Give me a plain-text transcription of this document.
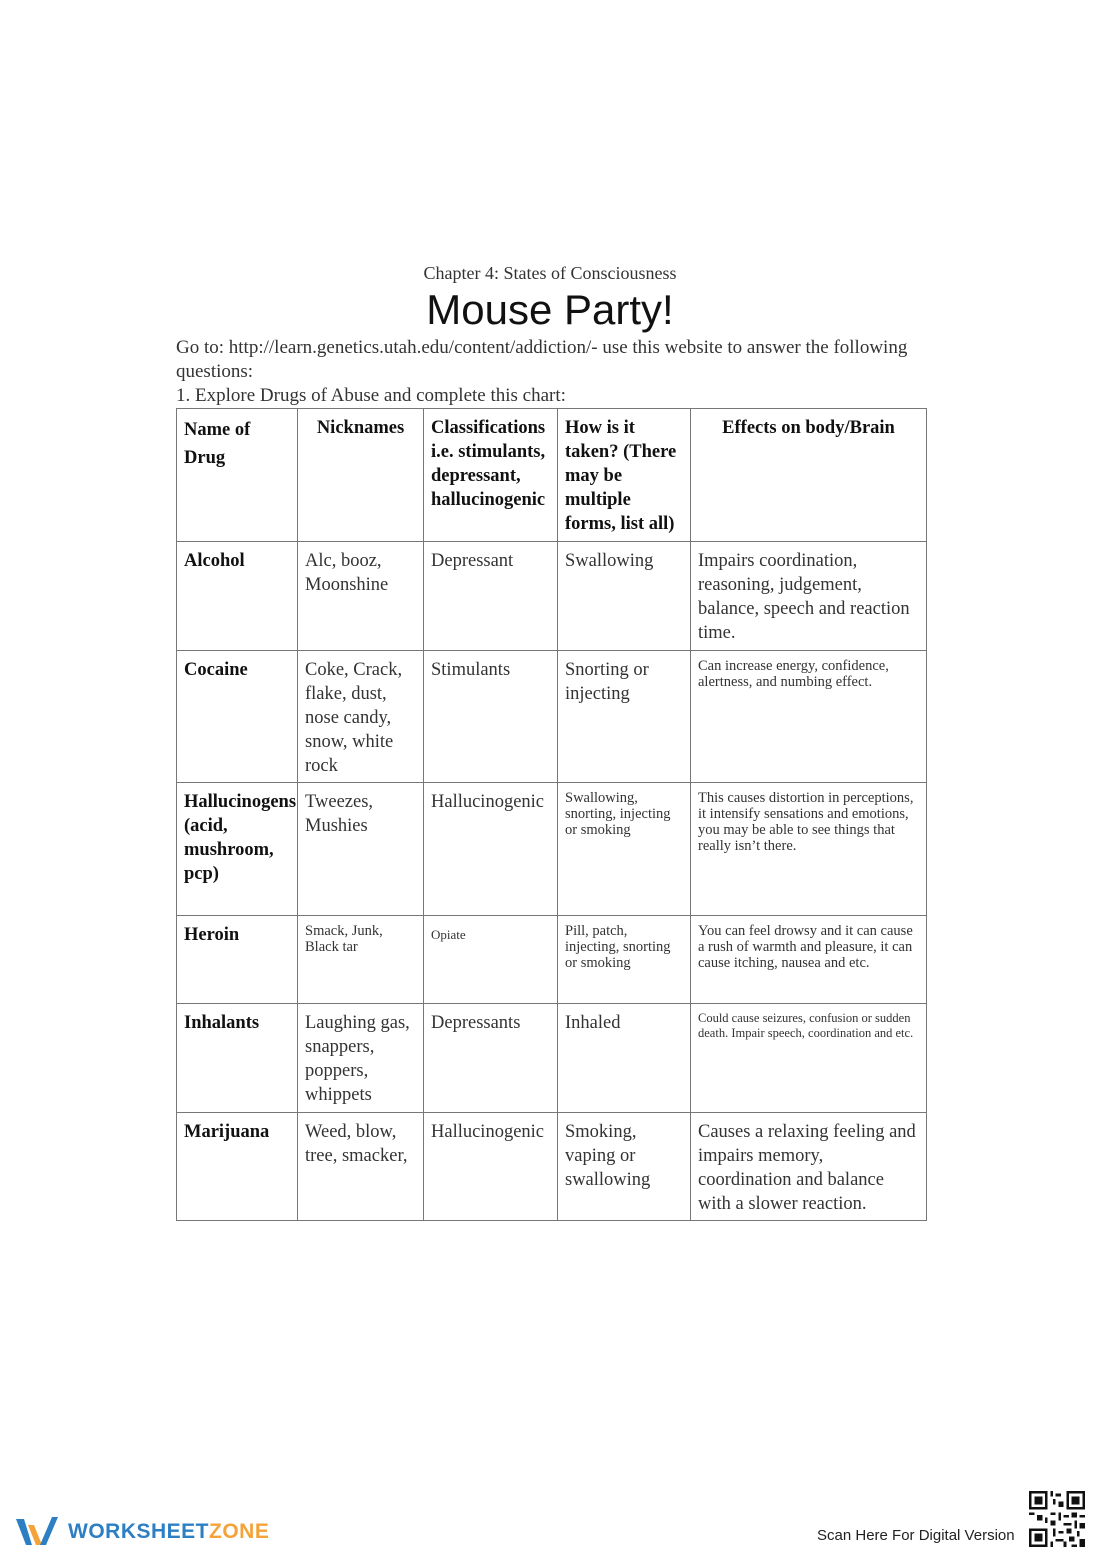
Chapter 4: States of Consciousness
Mouse Party!

Go to: http://learn.genetics.utah.edu/content/addiction/- use this website to answer the following questions:

1. Explore Drugs of Abuse and complete this chart:

Name of
Drug	Nicknames	Classifications i.e. stimulants, depressant, hallucinogenic	How is it taken? (There may be multiple forms, list all)	Effects on body/Brain
Alcohol	Alc, booz, Moonshine	Depressant	Swallowing	Impairs coordination, reasoning, judgement, balance, speech and reaction time.
Cocaine	Coke, Crack, flake, dust, nose candy, snow, white rock	Stimulants	Snorting or injecting	Can increase energy, confidence, alertness, and numbing effect.
Hallucinogens (acid, mushroom, pcp)	Tweezes, Mushies	Hallucinogenic	Swallowing, snorting, injecting or smoking	This causes distortion in perceptions, it intensify sensations and emotions, you may be able to see things that really isn’t there.
Heroin	Smack, Junk, Black tar	Opiate	Pill, patch, injecting, snorting or smoking	You can feel drowsy and it can cause a rush of warmth and pleasure, it can cause itching, nausea and etc.
Inhalants	Laughing gas, snappers, poppers, whippets	Depressants	Inhaled	Could cause seizures, confusion or sudden death. Impair speech, coordination and etc.
Marijuana	Weed, blow, tree, smacker,	Hallucinogenic	Smoking, vaping or swallowing	Causes a relaxing feeling and impairs memory, coordination and balance with a slower reaction.
WORKSHEETZONE	Scan Here For Digital Version
